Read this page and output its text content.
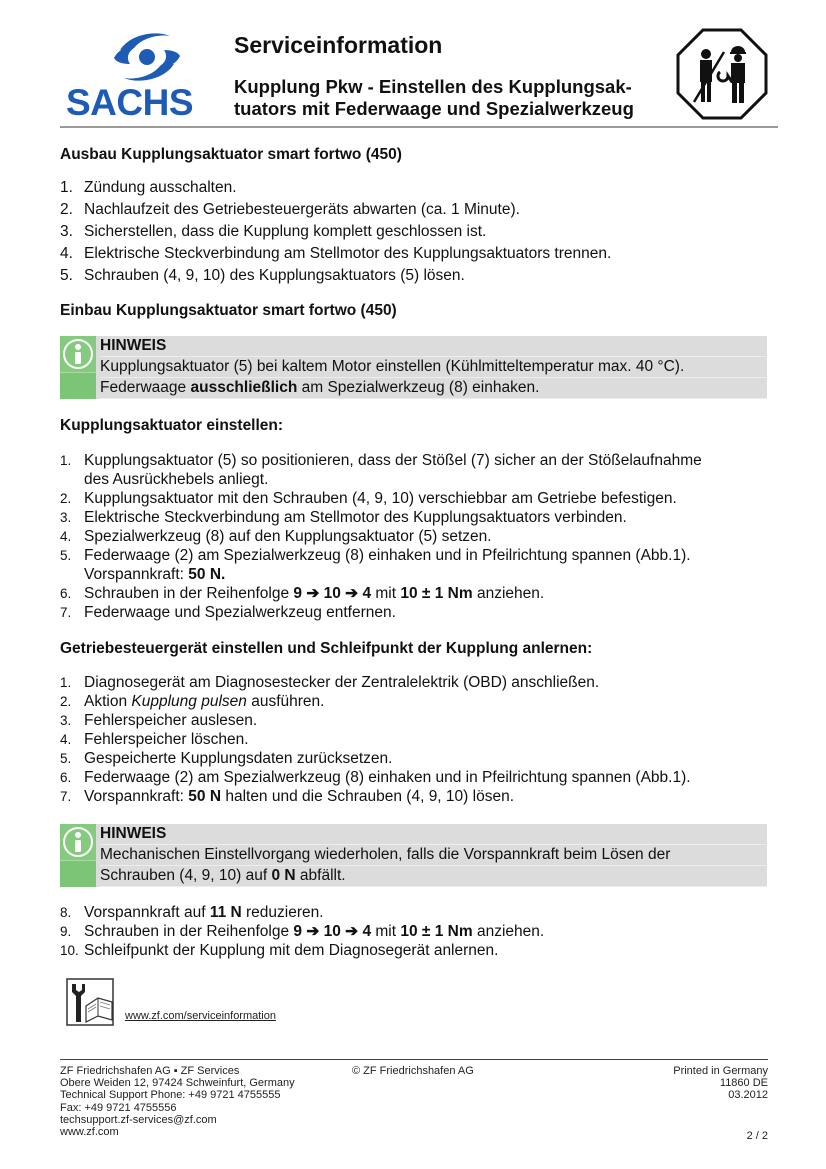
SACHS
Serviceinformation
Kupplung Pkw - Einstellen des Kupplungsak-
tuators mit Federwaage und Spezialwerkzeug
Ausbau Kupplungsaktuator smart fortwo (450)
1. Zündung ausschalten.
2. Nachlaufzeit des Getriebesteuergeräts abwarten (ca. 1 Minute).
3. Sicherstellen, dass die Kupplung komplett geschlossen ist.
4. Elektrische Steckverbindung am Stellmotor des Kupplungsaktuators trennen.
5. Schrauben (4, 9, 10) des Kupplungsaktuators (5) lösen.
Einbau Kupplungsaktuator smart fortwo (450)
HINWEIS
Kupplungsaktuator (5) bei kaltem Motor einstellen (Kühlmitteltemperatur max. 40 °C).
Federwaage ausschließlich am Spezialwerkzeug (8) einhaken.
Kupplungsaktuator einstellen:
1. Kupplungsaktuator (5) so positionieren, dass der Stößel (7) sicher an der Stößelaufnahme
des Ausrückhebels anliegt.
2. Kupplungsaktuator mit den Schrauben (4, 9, 10) verschiebbar am Getriebe befestigen.
3. Elektrische Steckverbindung am Stellmotor des Kupplungsaktuators verbinden.
4. Spezialwerkzeug (8) auf den Kupplungsaktuator (5) setzen.
5. Federwaage (2) am Spezialwerkzeug (8) einhaken und in Pfeilrichtung spannen (Abb.1).
Vorspannkraft: 50 N.
6. Schrauben in der Reihenfolge 9 ➔ 10 ➔ 4 mit 10 ± 1 Nm anziehen.
7. Federwaage und Spezialwerkzeug entfernen.
Getriebesteuergerät einstellen und Schleifpunkt der Kupplung anlernen:
1. Diagnosegerät am Diagnosestecker der Zentralelektrik (OBD) anschließen.
2. Aktion Kupplung pulsen ausführen.
3. Fehlerspeicher auslesen.
4. Fehlerspeicher löschen.
5. Gespeicherte Kupplungsdaten zurücksetzen.
6. Federwaage (2) am Spezialwerkzeug (8) einhaken und in Pfeilrichtung spannen (Abb.1).
7. Vorspannkraft: 50 N halten und die Schrauben (4, 9, 10) lösen.
HINWEIS
Mechanischen Einstellvorgang wiederholen, falls die Vorspannkraft beim Lösen der
Schrauben (4, 9, 10) auf 0 N abfällt.
8. Vorspannkraft auf 11 N reduzieren.
9. Schrauben in der Reihenfolge 9 ➔ 10 ➔ 4 mit 10 ± 1 Nm anziehen.
10. Schleifpunkt der Kupplung mit dem Diagnosegerät anlernen.
www.zf.com/serviceinformation
ZF Friedrichshafen AG ▪ ZF Services
Obere Weiden 12, 97424 Schweinfurt, Germany
Technical Support Phone: +49 9721 4755555
Fax: +49 9721 4755556
techsupport.zf-services@zf.com
www.zf.com
© ZF Friedrichshafen AG	Printed in Germany
11860 DE
03.2012
2 / 2
